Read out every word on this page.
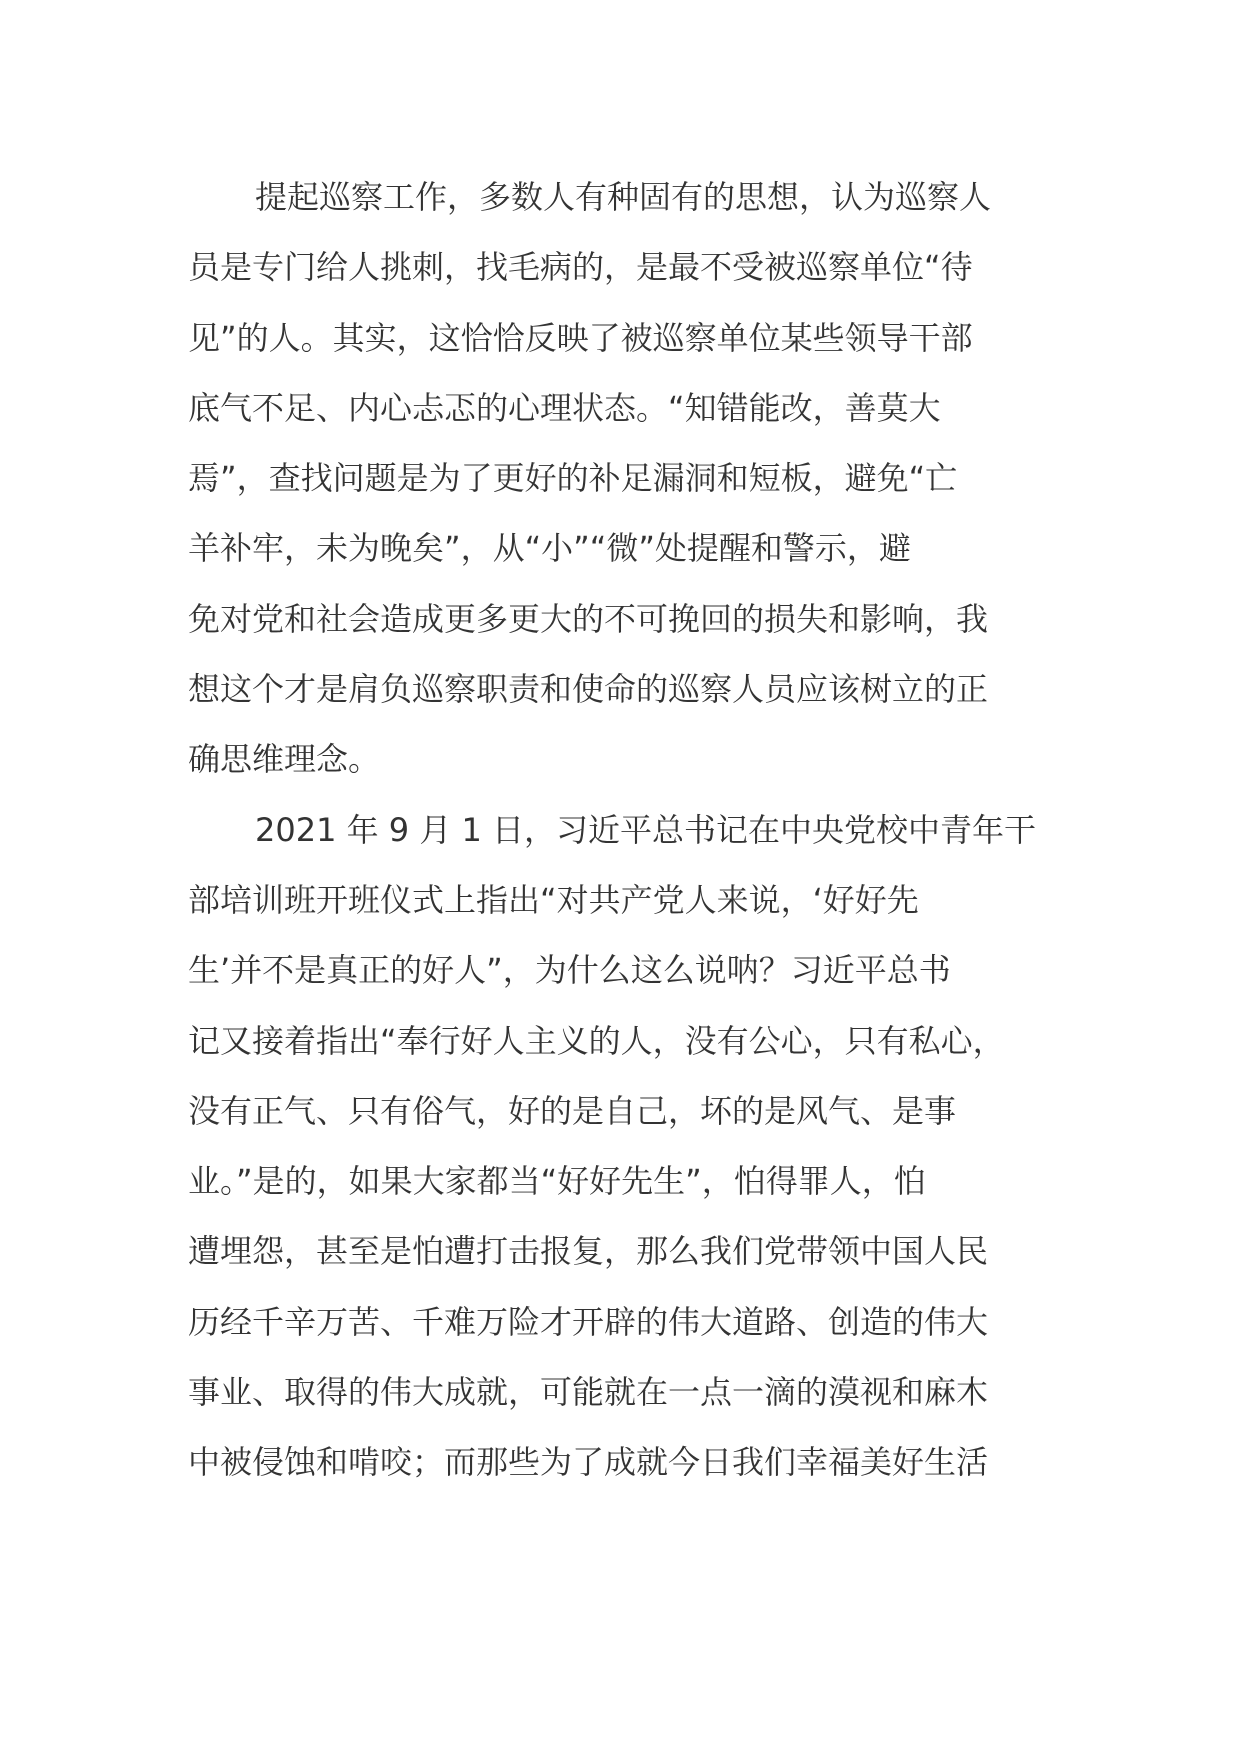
提起巡察工作，多数人有种固有的思想，认为巡察人

员是专门给人挑刺，找毛病的，是最不受被巡察单位“待

见”的人。其实，这恰恰反映了被巡察单位某些领导干部

底气不足、内心忐忑的心理状态。“知错能改，善莫大

焉”，查找问题是为了更好的补足漏洞和短板，避免“亡

羊补牢，未为晚矣”，从“小”“微”处提醒和警示，避

免对党和社会造成更多更大的不可挽回的损失和影响，我

想这个才是肩负巡察职责和使命的巡察人员应该树立的正

确思维理念。

2021 年 9 月 1 日，习近平总书记在中央党校中青年干

部培训班开班仪式上指出“对共产党人来说，‘好好先

生’并不是真正的好人”，为什么这么说呐？习近平总书

记又接着指出“奉行好人主义的人，没有公心，只有私心，

没有正气、只有俗气，好的是自己，坏的是风气、是事

业。”是的，如果大家都当“好好先生”，怕得罪人，怕

遭埋怨，甚至是怕遭打击报复，那么我们党带领中国人民

历经千辛万苦、千难万险才开辟的伟大道路、创造的伟大

事业、取得的伟大成就，可能就在一点一滴的漠视和麻木

中被侵蚀和啃咬；而那些为了成就今日我们幸福美好生活
